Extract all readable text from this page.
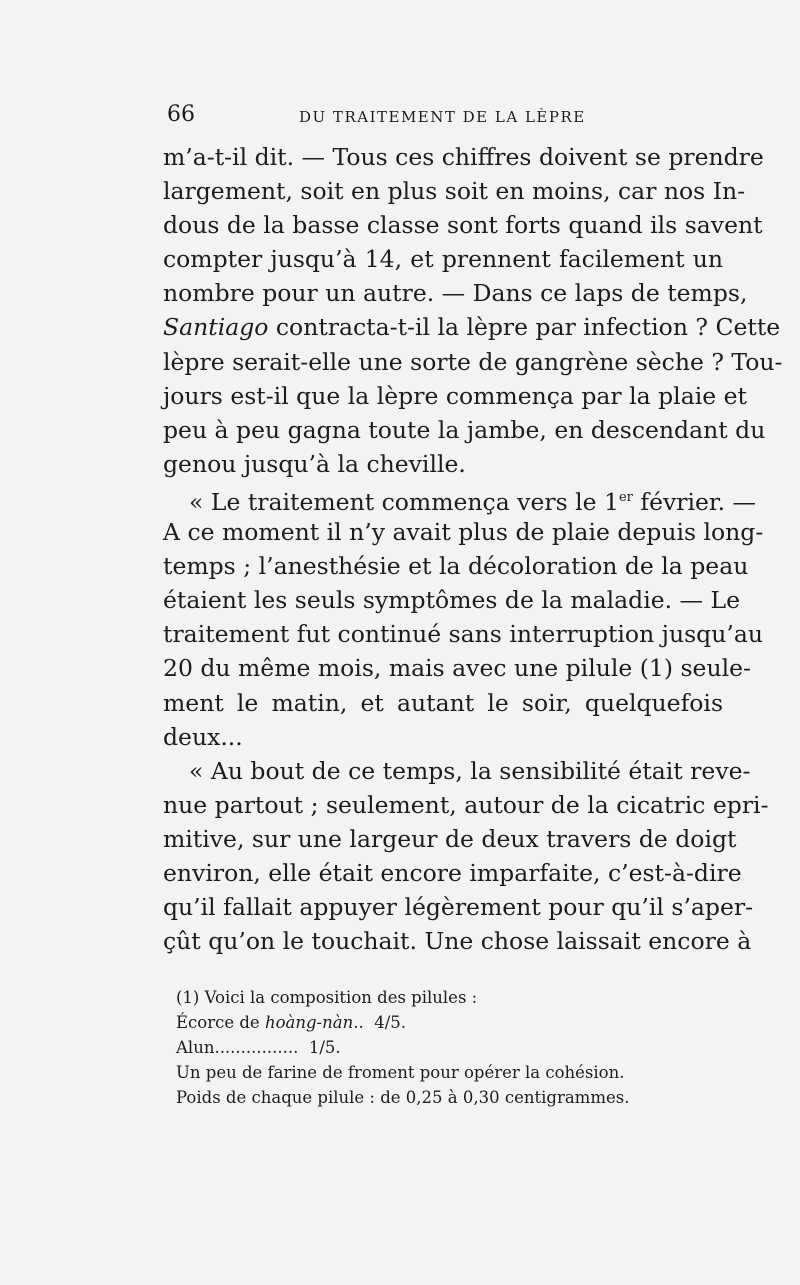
66	DU TRAITEMENT DE LA LÈPRE
m’a-t-il dit. — Tous ces chiffres doivent se prendre
largement, soit en plus soit en moins, car nos In-
dous de la basse classe sont forts quand ils savent
compter jusqu’à 14, et prennent facilement un
nombre pour un autre. — Dans ce laps de temps,
Santiago contracta-t-il la lèpre par infection ? Cette
lèpre serait-elle une sorte de gangrène sèche ? Tou-
jours est-il que la lèpre commença par la plaie et
peu à peu gagna toute la jambe, en descendant du
genou jusqu’à la cheville.
« Le traitement commença vers le 1er février. —
A ce moment il n’y avait plus de plaie depuis long-
temps ; l’anesthésie et la décoloration de la peau
étaient les seuls symptômes de la maladie. — Le
traitement fut continué sans interruption jusqu’au
20 du même mois, mais avec une pilule (1) seule-
ment le matin, et autant le soir, quelquefois
deux...
« Au bout de ce temps, la sensibilité était reve-
nue partout ; seulement, autour de la cicatric epri-
mitive, sur une largeur de deux travers de doigt
environ, elle était encore imparfaite, c’est-à-dire
qu’il fallait appuyer légèrement pour qu’il s’aper-
çût qu’on le touchait. Une chose laissait encore à
(1) Voici la composition des pilules :
Écorce de hoàng-nàn.. 4/5.
Alun................ 1/5.
Un peu de farine de froment pour opérer la cohésion.
Poids de chaque pilule : de 0,25 à 0,30 centigrammes.
